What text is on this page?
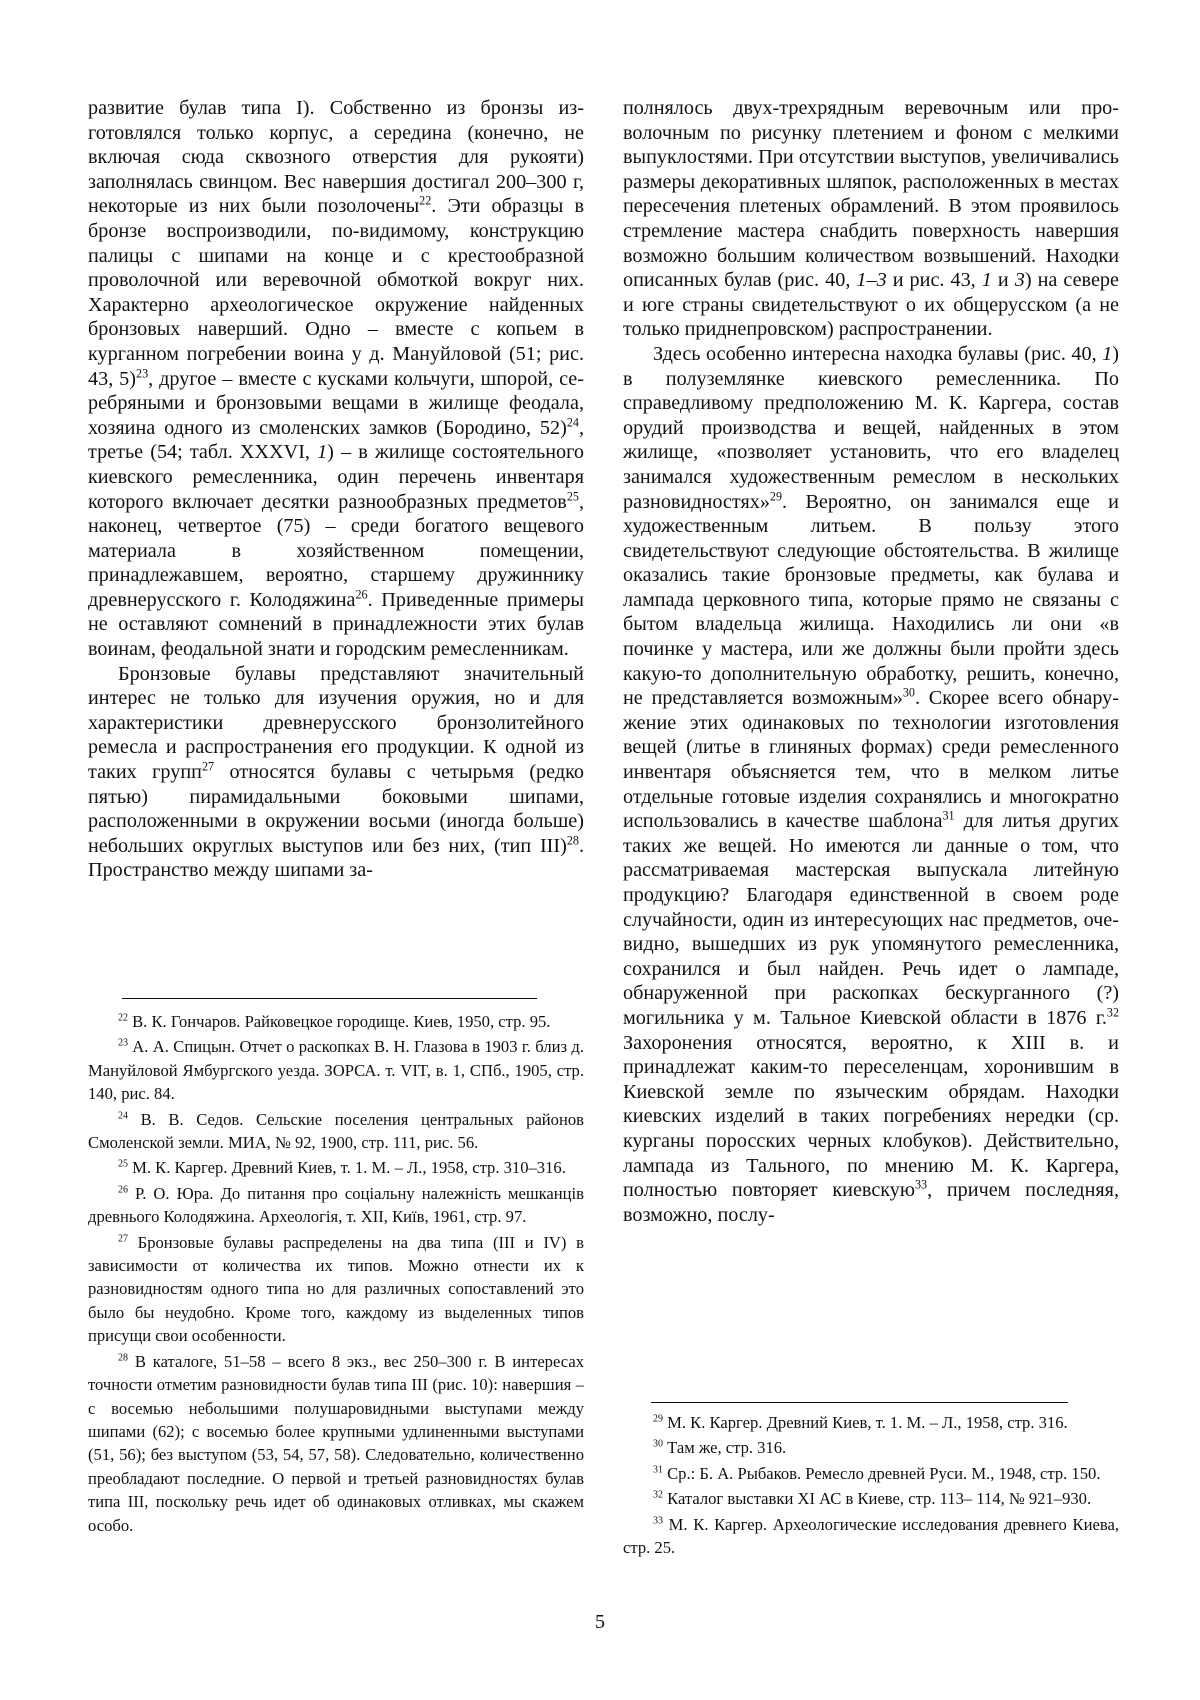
развитие булав типа I). Собственно из бронзы изготовлялся только корпус, а середина (конечно, не включая сюда сквозного отверстия для рукояти) заполнялась свинцом. Вес навершия достигал 200–300 г, некоторые из них были позолочены$^{22}$. Эти образцы в бронзе воспроизводили, по-видимому, конструкцию палицы с шипами на конце и с крестообразной проволочной или веревочной обмоткой вокруг них. Характерно археологическое окружение найденных бронзовых наверший. Одно – вместе с копьем в курганном погребении воина у д. Мануйловой (51; рис. 43, 5)$^{23}$, другое – вместе с кусками кольчуги, шпорой, серебряными и бронзовыми вещами в жилище феодала, хозяина одного из смоленских замков (Бородино, 52)$^{24}$, третье (54; табл. XXXVI, 1) – в жилище состоятельного киевского ремесленника, один перечень инвентаря которого включает десятки разнообразных предметов$^{25}$, наконец, четвертое (75) – среди богатого вещевого материала в хозяйственном помещении, принадлежавшем, вероятно, старшему дружиннику древнерусского г. Колодяжина$^{26}$. Приведенные примеры не оставляют сомнений в принадлежности этих булав воинам, феодальной знати и городским ремесленникам.

Бронзовые булавы представляют значительный интерес не только для изучения оружия, но и для характеристики древнерусского бронзолитейного ремесла и распространения его продукции. К одной из таких групп$^{27}$ относятся булавы с четырьмя (редко пятью) пирамидальными боковыми шипами, расположенными в окружении восьми (иногда больше) небольших округлых выступов или без них, (тип III)$^{28}$. Пространство между шипами за-

$^{22}$ В. К. Гончаров. Райковецкое городище. Киев, 1950, стр. 95.

$^{23}$ А. А. Спицын. Отчет о раскопках В. Н. Глазова в 1903 г. близ д. Мануйловой Ямбургского уезда. ЗОРСА. т. VIT, в. 1, СПб., 1905, стр. 140, рис. 84.

$^{24}$ В. В. Седов. Сельские поселения центральных районов Смоленской земли. МИА, № 92, 1900, стр. 111, рис. 56.

$^{25}$ М. К. Каргер. Древний Киев, т. 1. М. – Л., 1958, стр. 310–316.

$^{26}$ Р. О. Юра. До питання про соціальну належність мешканців древнього Колодяжина. Археологія, т. XII, Київ, 1961, стр. 97.

$^{27}$ Бронзовые булавы распределены на два типа (III и IV) в зависимости от количества их типов. Можно отнести их к разновидностям одного типа но для различных сопоставлений это было бы неудобно. Кроме того, каждому из выделенных типов присущи свои особенности.

$^{28}$ В каталоге, 51–58 – всего 8 экз., вес 250–300 г. В интересах точности отметим разновидности булав типа III (рис. 10): навершия – с восемью небольшими полушаровидными выступами между шипами (62); с восемью более крупными удлиненными выступами (51, 56); без выступом (53, 54, 57, 58). Следовательно, количественно преобладают последние. О первой и третьей разновидностях булав типа III, поскольку речь идет об одинаковых отливках, мы скажем особо.

полнялось двух-трехрядным веревочным или проволочным по рисунку плетением и фоном с мелкими выпуклостями. При отсутствии выступов, увеличивались размеры декоративных шляпок, расположенных в местах пересечения плетеных обрамлений. В этом проявилось стремление мастера снабдить поверхность навершия возможно большим количеством возвышений. Находки описанных булав (рис. 40, 1–3 и рис. 43, 1 и 3) на севере и юге страны свидетельствуют о их общерусском (а не только приднепровском) распространении.

Здесь особенно интересна находка булавы (рис. 40, 1) в полуземлянке киевского ремесленника. По справедливому предположению М. К. Каргера, состав орудий производства и вещей, найденных в этом жилище, «позволяет установить, что его владелец занимался художественным ремеслом в нескольких разновидностях»$^{29}$. Вероятно, он занимался еще и художественным литьем. В пользу этого свидетельствуют следующие обстоятельства. В жилище оказались такие бронзовые предметы, как булава и лампада церковного типа, которые прямо не связаны с бытом владельца жилища. Находились ли они «в починке у мастера, или же должны были пройти здесь какую-то дополнительную обработку, решить, конечно, не представляется возможным»$^{30}$. Скорее всего обнаружение этих одинаковых по технологии изготовления вещей (литье в глиняных формах) среди ремесленного инвентаря объясняется тем, что в мелком литье отдельные готовые изделия сохранялись и многократно использовались в качестве шаблона$^{31}$ для литья других таких же вещей. Но имеются ли данные о том, что рассматриваемая мастерская выпускала литейную продукцию? Благодаря единственной в своем роде случайности, один из интересующих нас предметов, очевидно, вышедших из рук упомянутого ремесленника, сохранился и был найден. Речь идет о лампаде, обнаруженной при раскопках бескурганного (?) могильника у м. Тальное Киевской области в 1876 г.$^{32}$ Захоронения относятся, вероятно, к XIII в. и принадлежат каким-то переселенцам, хоронившим в Киевской земле по языческим обрядам. Находки киевских изделий в таких погребениях нередки (ср. курганы поросских черных клобуков). Действительно, лампада из Тального, по мнению М. К. Каргера, полностью повторяет киевскую$^{33}$, причем последняя, возможно, послу-

$^{29}$ М. К. Каргер. Древний Киев, т. 1. М. – Л., 1958, стр. 316.

$^{30}$ Там же, стр. 316.

$^{31}$ Ср.: Б. А. Рыбаков. Ремесло древней Руси. М., 1948, стр. 150.

$^{32}$ Каталог выставки XI АС в Киеве, стр. 113– 114, № 921–930.

$^{33}$ М. К. Каргер. Археологические исследования древнего Киева, стр. 25.

5
